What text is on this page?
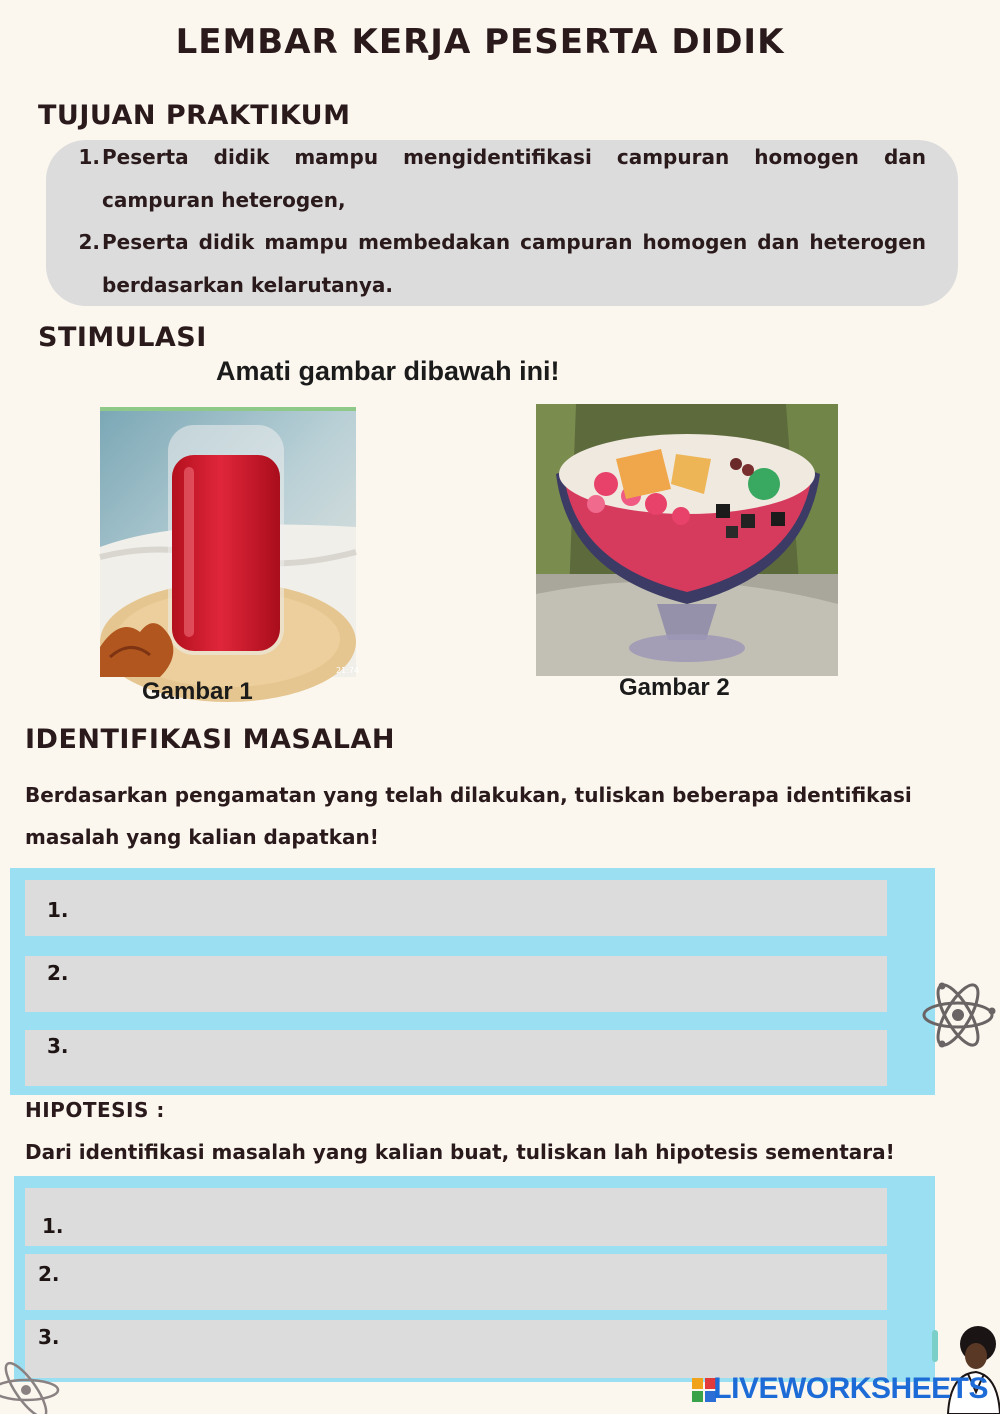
LEMBAR KERJA PESERTA DIDIK
TUJUAN PRAKTIKUM
1. Peserta didik mampu mengidentifikasi campuran homogen dan
campuran heterogen,
2. Peserta didik mampu membedakan campuran homogen dan heterogen
berdasarkan kelarutanya.
STIMULASI
Amati gambar dibawah ini!
21:74
Gambar 1	Gambar 2
IDENTIFIKASI MASALAH
Berdasarkan pengamatan yang telah dilakukan, tuliskan beberapa identifikasi
masalah yang kalian dapatkan!
1.
2.
3.
HIPOTESIS :
Dari identifikasi masalah yang kalian buat, tuliskan lah hipotesis sementara!
1.
2.
3.
LIVEWORKSHEETS
